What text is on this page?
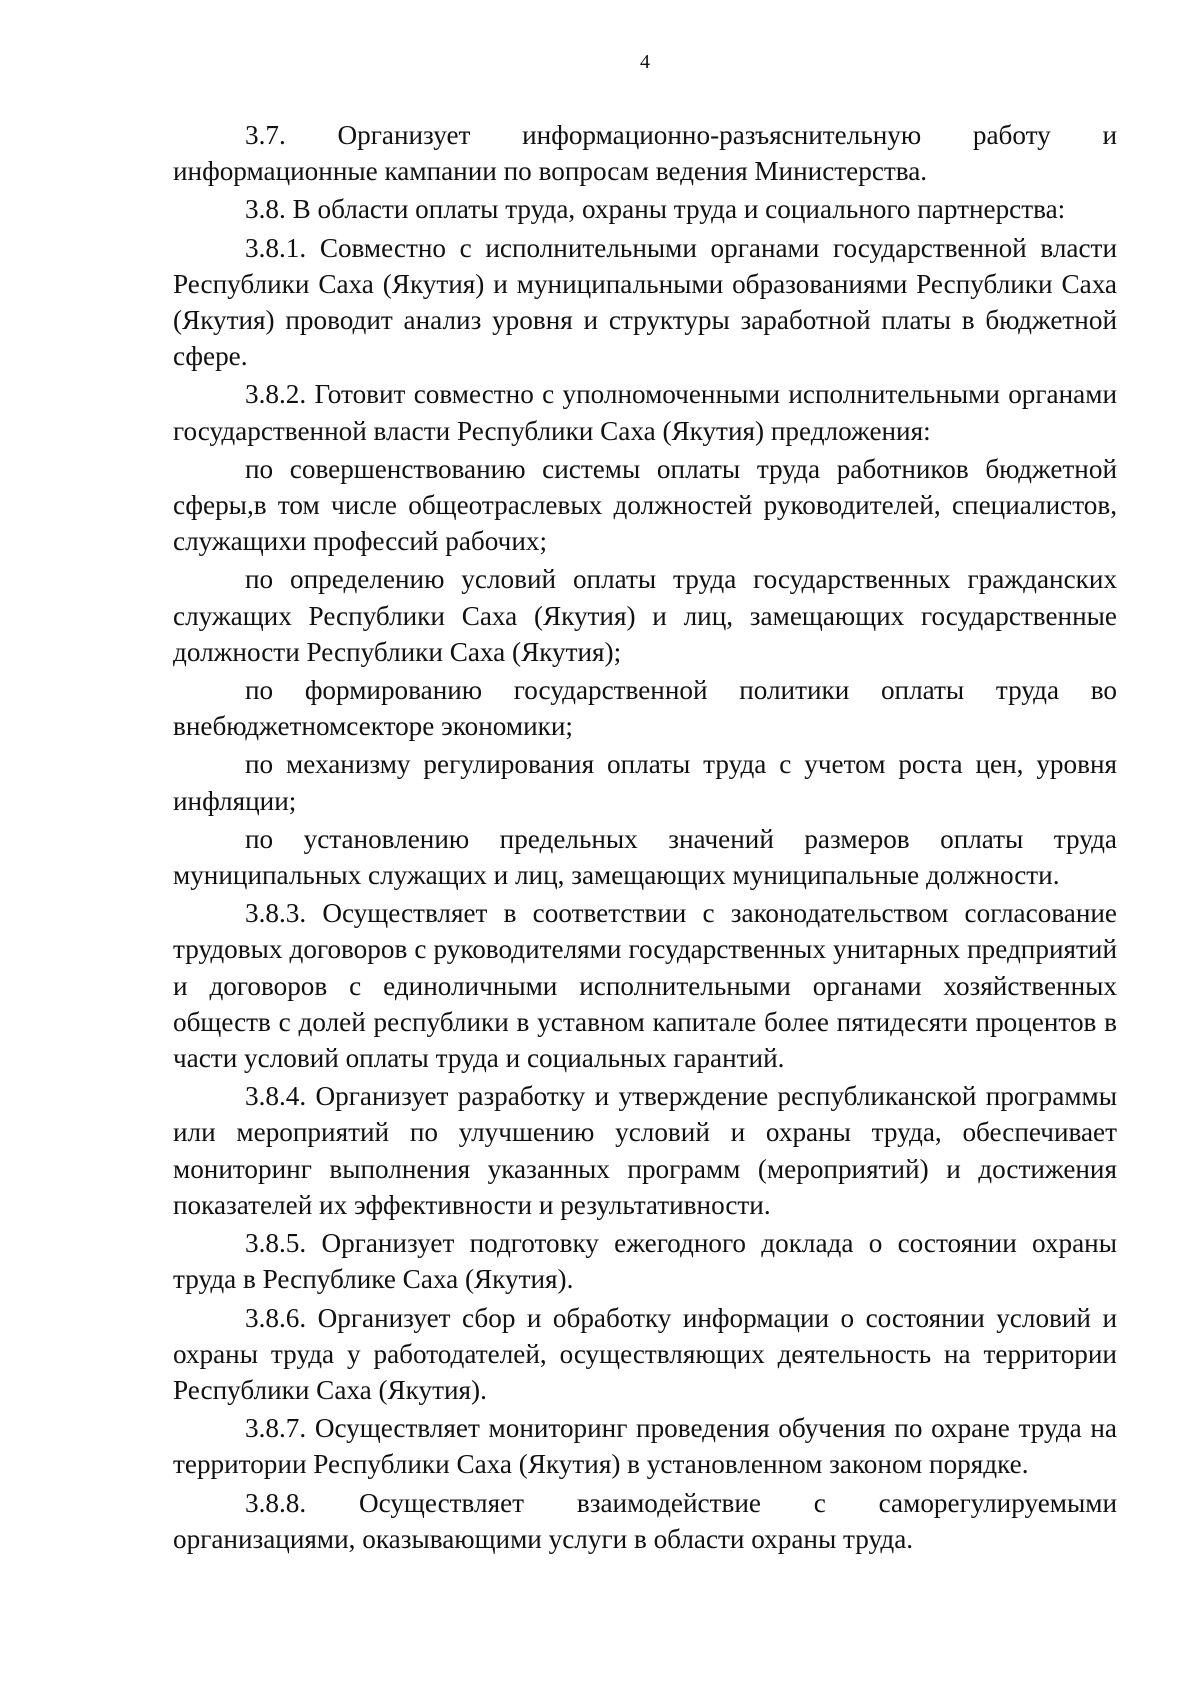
4

3.7. Организует информационно-разъяснительную работу и информационные кампании по вопросам ведения Министерства.

3.8. В области оплаты труда, охраны труда и социального партнерства:

3.8.1. Совместно с исполнительными органами государственной власти Республики Саха (Якутия) и муниципальными образованиями Республики Саха (Якутия) проводит анализ уровня и структуры заработной платы в бюджетной сфере.

3.8.2. Готовит совместно с уполномоченными исполнительными органами государственной власти Республики Саха (Якутия) предложения:

по совершенствованию системы оплаты труда работников бюджетной сферы,в том числе общеотраслевых должностей руководителей, специалистов, служащихи профессий рабочих;

по определению условий оплаты труда государственных гражданских служащих Республики Саха (Якутия) и лиц, замещающих государственные должности Республики Саха (Якутия);

по формированию государственной политики оплаты труда во внебюджетномсекторе экономики;

по механизму регулирования оплаты труда с учетом роста цен, уровня инфляции;

по установлению предельных значений размеров оплаты труда муниципальных служащих и лиц, замещающих муниципальные должности.

3.8.3. Осуществляет в соответствии с законодательством согласование трудовых договоров с руководителями государственных унитарных предприятий и договоров с единоличными исполнительными органами хозяйственных обществ с долей республики в уставном капитале более пятидесяти процентов в части условий оплаты труда и социальных гарантий.

3.8.4. Организует разработку и утверждение республиканской программы или мероприятий по улучшению условий и охраны труда, обеспечивает мониторинг выполнения указанных программ (мероприятий) и достижения показателей их эффективности и результативности.

3.8.5. Организует подготовку ежегодного доклада о состоянии охраны труда в Республике Саха (Якутия).

3.8.6. Организует сбор и обработку информации о состоянии условий и охраны труда у работодателей, осуществляющих деятельность на территории Республики Саха (Якутия).

3.8.7. Осуществляет мониторинг проведения обучения по охране труда на территории Республики Саха (Якутия) в установленном законом порядке.

3.8.8. Осуществляет взаимодействие с саморегулируемыми организациями, оказывающими услуги в области охраны труда.
